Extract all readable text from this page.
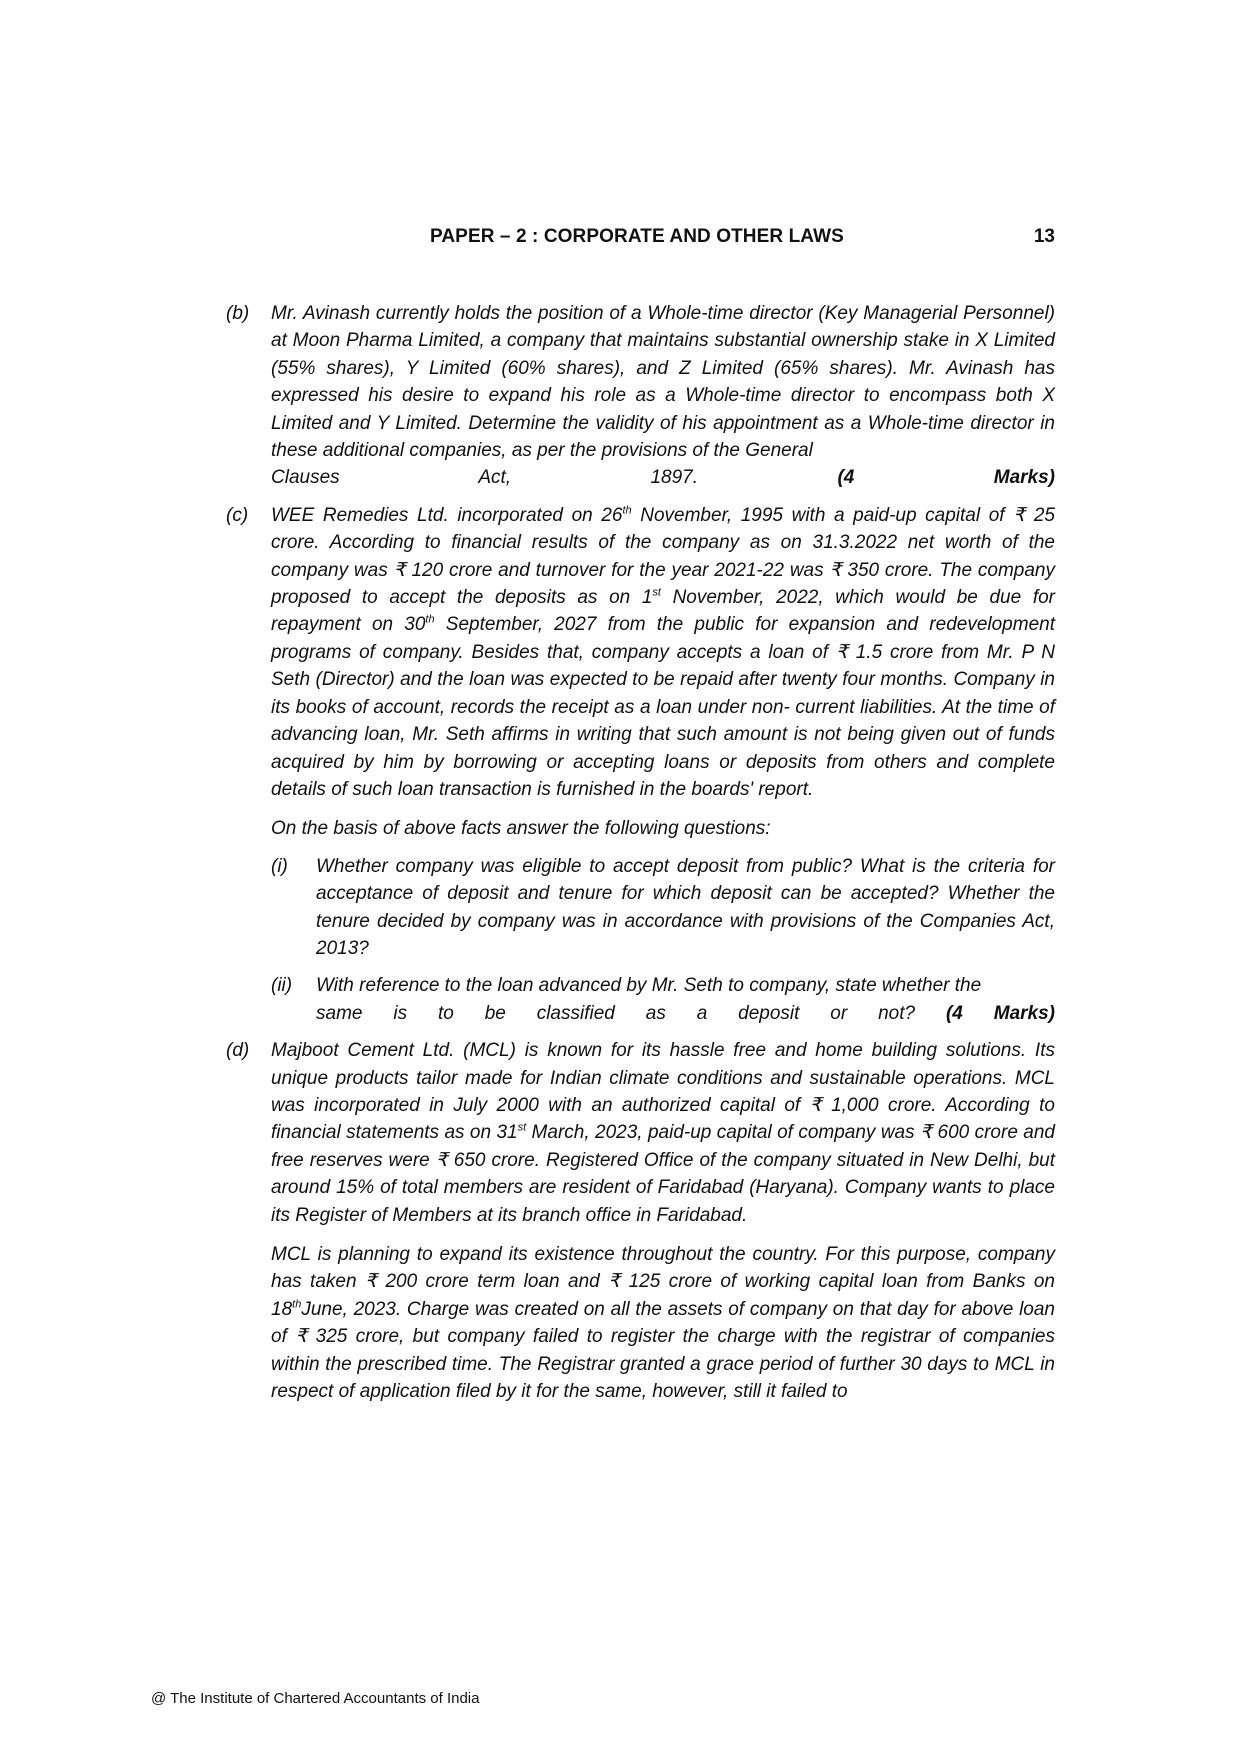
PAPER – 2 : CORPORATE AND OTHER LAWS	13
(b)	Mr. Avinash currently holds the position of a Whole-time director (Key Managerial Personnel) at Moon Pharma Limited, a company that maintains substantial ownership stake in X Limited (55% shares), Y Limited (60% shares), and Z Limited (65% shares). Mr. Avinash has expressed his desire to expand his role as a Whole-time director to encompass both X Limited and Y Limited. Determine the validity of his appointment as a Whole-time director in these additional companies, as per the provisions of the General

Clauses Act, 1897.	(4 Marks)
(c)	WEE Remedies Ltd. incorporated on 26th November, 1995 with a paid-up capital of ₹ 25 crore. According to financial results of the company as on 31.3.2022 net worth of the company was ₹ 120 crore and turnover for the year 2021-22 was ₹ 350 crore. The company proposed to accept the deposits as on 1st November, 2022, which would be due for repayment on 30th September, 2027 from the public for expansion and redevelopment programs of company. Besides that, company accepts a loan of ₹ 1.5 crore from Mr. P N Seth (Director) and the loan was expected to be repaid after twenty four months. Company in its books of account, records the receipt as a loan under non- current liabilities. At the time of advancing loan, Mr. Seth affirms in writing that such amount is not being given out of funds acquired by him by borrowing or accepting loans or deposits from others and complete details of such loan transaction is furnished in the boards' report.

On the basis of above facts answer the following questions:

(i)	Whether company was eligible to accept deposit from public? What is the criteria for acceptance of deposit and tenure for which deposit can be accepted? Whether the tenure decided by company was in accordance with provisions of the Companies Act, 2013?

(ii)	With reference to the loan advanced by Mr. Seth to company, state whether the

same is to be classified as a deposit or not? (4 Marks)
(d)	Majboot Cement Ltd. (MCL) is known for its hassle free and home building solutions. Its unique products tailor made for Indian climate conditions and sustainable operations. MCL was incorporated in July 2000 with an authorized capital of ₹ 1,000 crore. According to financial statements as on 31st March, 2023, paid-up capital of company was ₹ 600 crore and free reserves were ₹ 650 crore. Registered Office of the company situated in New Delhi, but around 15% of total members are resident of Faridabad (Haryana). Company wants to place its Register of Members at its branch office in Faridabad.

MCL is planning to expand its existence throughout the country. For this purpose, company has taken ₹ 200 crore term loan and ₹ 125 crore of working capital loan from Banks on 18thJune, 2023. Charge was created on all the assets of company on that day for above loan of ₹ 325 crore, but company failed to register the charge with the registrar of companies within the prescribed time. The Registrar granted a grace period of further 30 days to MCL in respect of application filed by it for the same, however, still it failed to

@ The Institute of Chartered Accountants of India
